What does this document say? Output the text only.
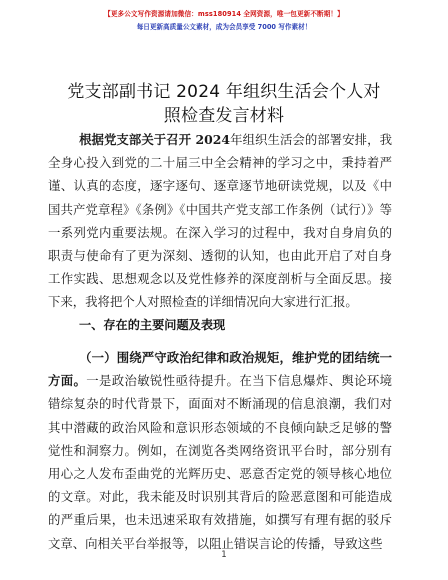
【更多公文写作资源请加微信：mss180914 全网资源，唯一包更新不断期！】
每日更新高质量公文素材，成为会员享受 7000 写作素材！
党支部副书记 2024 年组织生活会个人对照检查发言材料
根据党支部关于召开 2024年组织生活会的部署安排，我全身心投入到党的二十届三中全会精神的学习之中，秉持着严谨、认真的态度，逐字逐句、逐章逐节地研读党规，以及《中国共产党章程》《条例》《中国共产党支部工作条例（试行）》等一系列党内重要法规。在深入学习的过程中，我对自身肩负的职责与使命有了更为深刻、透彻的认知，也由此开启了对自身工作实践、思想观念以及党性修养的深度剖析与全面反思。接下来，我将把个人对照检查的详细情况向大家进行汇报。
一、存在的主要问题及表现
（一）围绕严守政治纪律和政治规矩，维护党的团结统一方面。一是政治敏锐性亟待提升。在当下信息爆炸、舆论环境错综复杂的时代背景下，面面对不断涌现的信息浪潮，我们对其中潜藏的政治风险和意识形态领域的不良倾向缺乏足够的警觉性和洞察力。例如，在浏览各类网络资讯平台时，部分别有用心之人发布歪曲党的光辉历史、恶意否定党的领导核心地位的文章。对此，我未能及时识别其背后的险恶意图和可能造成的严重后果，也未迅速采取有效措施，如撰写有理有据的驳斥文章、向相关平台举报等，以阻止错误言论的传播，导致这些
1
